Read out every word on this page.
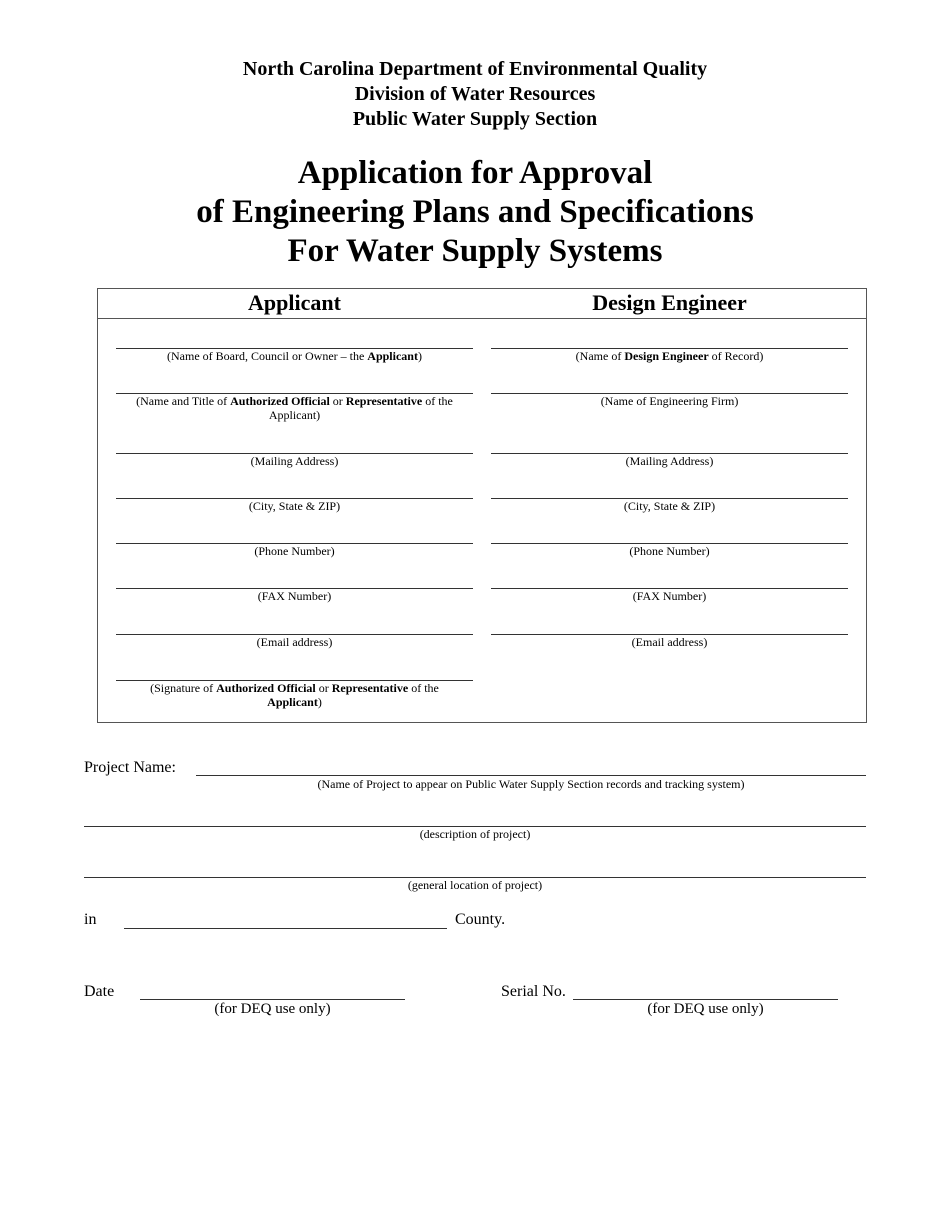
North Carolina Department of Environmental Quality
Division of Water Resources
Public Water Supply Section
Application for Approval
of Engineering Plans and Specifications
For Water Supply Systems
Applicant	Design Engineer
(Name of Board, Council or Owner – the Applicant)
(Name and Title of Authorized Official or Representative of the Applicant)
(Mailing Address)
(City, State & ZIP)
(Phone Number)
(FAX Number)
(Email address)
(Signature of Authorized Official or Representative of the Applicant)
(Name of Design Engineer of Record)
(Name of Engineering Firm)
(Mailing Address)
(City, State & ZIP)
(Phone Number)
(FAX Number)
(Email address)
Project Name:
(Name of Project to appear on Public Water Supply Section records and tracking system)
(description of project)
(general location of project)
in	County.
Date
(for DEQ use only)
Serial No.
(for DEQ use only)
